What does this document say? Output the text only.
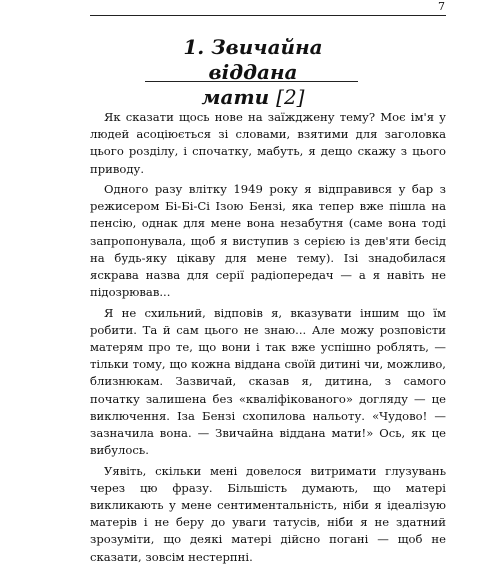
7

1. Звичайна віддана

мати [2]

Як сказати щось нове на заїжджену тему? Моє ім'я у людей асоціюється зі словами, взятими для заголовка цього розділу, і спочатку, мабуть, я дещо скажу з цього приводу.

Одного разу влітку 1949 року я відправився у бар з режисером Бі-Бі-Сі Ізою Бензі, яка тепер вже пішла на пенсію, однак для мене вона незабутня (саме вона тоді запропонувала, щоб я виступив з серією із дев'яти бесід на будь-яку цікаву для мене тему). Ізі знадобилася яскрава назва для серії радіопередач — а я навіть не підозрював...

Я не схильний, відповів я, вказувати іншим що їм робити. Та й сам цього не знаю... Але можу розповісти матерям про те, що вони і так вже успішно роблять, — тільки тому, що кожна віддана своїй дитині чи, можливо, близнюкам. Зазвичай, сказав я, дитина, з самого початку залишена без «кваліфікованого» догляду — це виключення. Іза Бензі схопилова нальоту. «Чудово! — зазначила вона. — Звичайна віддана мати!» Ось, як це вибулось.

Уявіть, скільки мені довелося витримати глузувань через цю фразу. Більшість думають, що матері викликають у мене сентиментальність, ніби я ідеалізую матерів і не беру до уваги татусів, ніби я не здатний зрозуміти, що деякі матері дійсно погані — щоб не сказати, зовсім нестерпні.
